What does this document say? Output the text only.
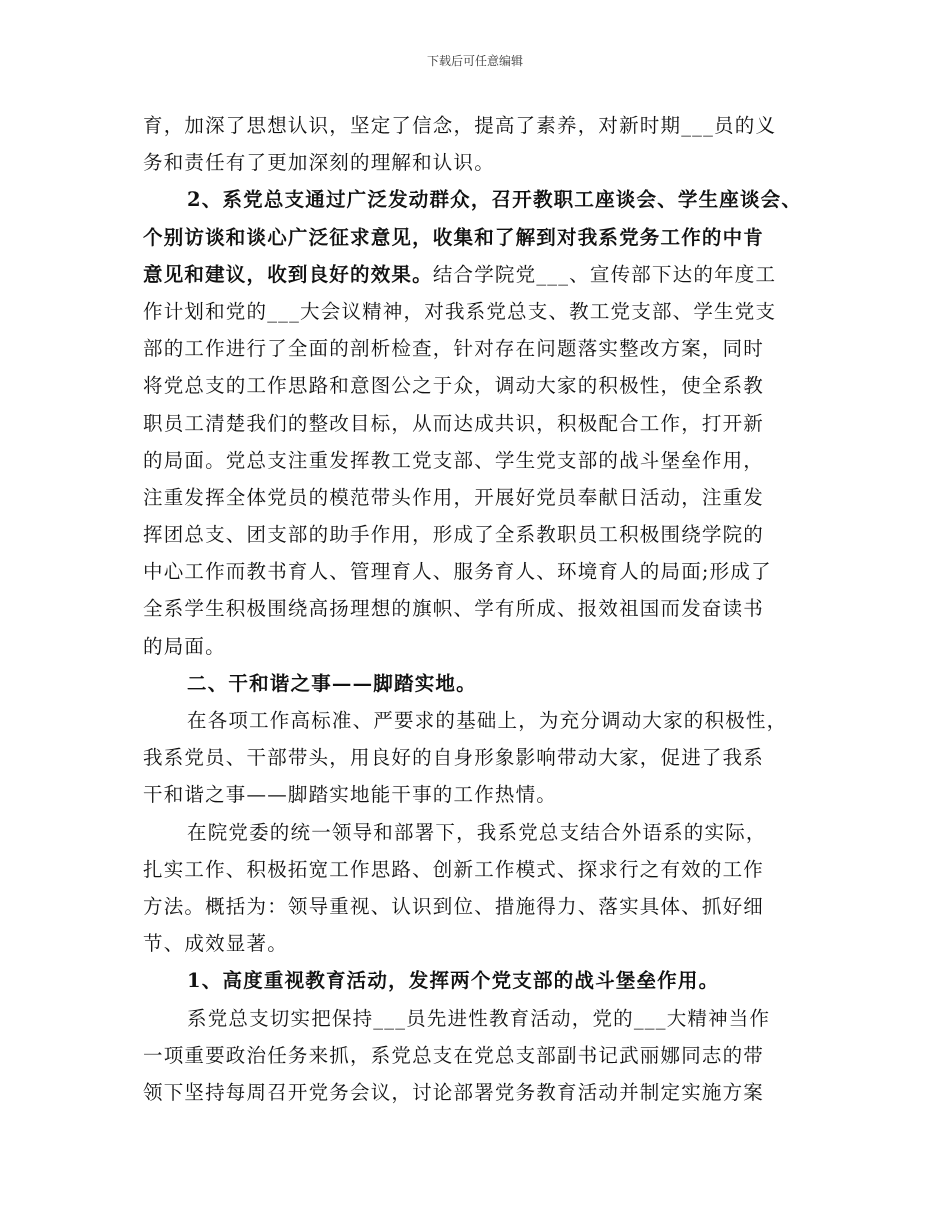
下载后可任意编辑
育，加深了思想认识，坚定了信念，提高了素养，对新时期___员的义
务和责任有了更加深刻的理解和认识。
2、系党总支通过广泛发动群众，召开教职工座谈会、学生座谈会、
个别访谈和谈心广泛征求意见，收集和了解到对我系党务工作的中肯
意见和建议，收到良好的效果。结合学院党___、宣传部下达的年度工
作计划和党的___大会议精神，对我系党总支、教工党支部、学生党支
部的工作进行了全面的剖析检查，针对存在问题落实整改方案，同时
将党总支的工作思路和意图公之于众，调动大家的积极性，使全系教
职员工清楚我们的整改目标，从而达成共识，积极配合工作，打开新
的局面。党总支注重发挥教工党支部、学生党支部的战斗堡垒作用，
注重发挥全体党员的模范带头作用，开展好党员奉献日活动，注重发
挥团总支、团支部的助手作用，形成了全系教职员工积极围绕学院的
中心工作而教书育人、管理育人、服务育人、环境育人的局面;形成了
全系学生积极围绕高扬理想的旗帜、学有所成、报效祖国而发奋读书
的局面。
二、干和谐之事——脚踏实地。
在各项工作高标准、严要求的基础上，为充分调动大家的积极性，
我系党员、干部带头，用良好的自身形象影响带动大家，促进了我系
干和谐之事——脚踏实地能干事的工作热情。
在院党委的统一领导和部署下，我系党总支结合外语系的实际，
扎实工作、积极拓宽工作思路、创新工作模式、探求行之有效的工作
方法。概括为：领导重视、认识到位、措施得力、落实具体、抓好细
节、成效显著。
1、高度重视教育活动，发挥两个党支部的战斗堡垒作用。
系党总支切实把保持___员先进性教育活动，党的___大精神当作
一项重要政治任务来抓，系党总支在党总支部副书记武丽娜同志的带
领下坚持每周召开党务会议，讨论部署党务教育活动并制定实施方案
